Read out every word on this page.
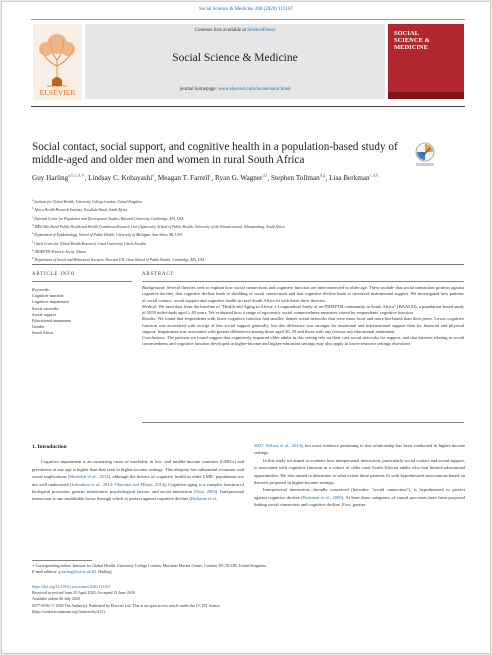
Social Science & Medicine 260 (2020) 113167
ELSEVIER
Contents lists available at ScienceDirect
Social Science & Medicine
journal homepage: www.elsevier.com/locate/socscimed
SOCIAL SCIENCE & MEDICINE
Social contact, social support, and cognitive health in a population-based study of middle-aged and older men and women in rural South Africa
Guy Harling$^{a,b,c,d,∗}$, Lindsay C. Kobayashi$^e$, Meagan T. Farrell$^c$, Ryan G. Wagner$^{d,f}$, Stephen Tollman$^{d,g}$, Lisa Berkman$^{c,d,h}$
$^a$ Institute for Global Health, University College London, United Kingdom
$^b$ Africa Health Research Institute, KwaZulu-Natal, South Africa
$^c$ Harvard Center for Population and Development Studies, Harvard University, Cambridge, MA, USA
$^d$ MRC/Wits Rural Public Health and Health Transitions Research Unit (Agincourt), School of Public Health, University of the Witwatersrand, Johannesburg, South Africa
$^e$ Department of Epidemiology, School of Public Health, University of Michigan, Ann Arbor, MI, USA
$^f$ Umeå Centre for Global Health Research, Umeå University, Umeå, Sweden
$^g$ INDEPTH Network, Accra, Ghana
$^h$ Department of Social and Behavioral Sciences, Harvard T.H. Chan School of Public Health, Cambridge, MA, USA
ARTICLE INFO	ABSTRACT
Keywords:
Cognitive function
Cognitive impairment
Social networks
Social support
Educational attainment
Gender
South Africa

Background: Several theories seek to explain how social connections and cognitive function are interconnected in older age. These include that social interaction protects against cognitive decline, that cognitive decline leads to shedding of social connections and that cognitive decline leads to increased instrumental support. We investigated how patterns of social contact, social support and cognitive health in rural South Africa fit with these three theories.

Method: We used data from the baseline of "Health and Aging in Africa: a Longitudinal Study of an INDEPTH community in South Africa" (HAALSI), a population-based study of 5059 individuals aged ≥ 40 years. We evaluated how a range of egocentric social connectedness measures varied by respondents' cognitive function.

Results: We found that respondents with lower cognitive function had smaller, denser social networks that were more local and more kin-based than their peers. Lower cognitive function was associated with receipt of less social support generally, but this difference was stronger for emotional and informational support than for financial and physical support. Impairment was associated with greater differences among those aged 40–59 and those with any (versus no) educational attainment.

Conclusions: The patterns we found suggest that cognitively impaired older adults in this setting rely on their core social networks for support, and that theories relating to social connectedness and cognitive function developed in higher-income and higher-education settings may also apply in lower-resource settings elsewhere.

1. Introduction

Cognitive impairment is an increasing cause of morbidity in low- and middle-income countries (LMICs) and prevalence at any age is higher than that seen in higher-income settings. This ubiquity has substantial economic and social implications (Shirbehlt et al., 2012), although the drivers of cognitive health in older LMIC populations are not well understood (Lekoubou et al., 2014; Olayinka and Mbuyi, 2014). Cognitive aging is a complex function of biological processes, genetic inheritance, psychological factors, and social interaction (Deal, 2003). Interpersonal interaction is one modifiable factor through which to protect against cognitive decline (Richards et al.,

2007; Wilson et al., 2013), but most evidence pertaining to this relationship has been conducted in higher-income settings.

In this study we aimed to evaluate how interpersonal interaction, particularly social contact and social support, is associated with cognitive function in a cohort of older rural South African adults who had limited educational opportunities. We also aimed to determine to what extent these patterns fit with hypothesized associations based on theories proposed in higher-income settings.

Interpersonal interaction—broadly conceived (hereafter "social connection"), is hypothesized to protect against cognitive decline (Berkman et al., 2000). At least three categories of causal processes have been proposed linking social connection and cognitive decline. First, greater

∗ Corresponding author. Institute for Global Health. University College London, Mortimer Market Centre, London, WC1E 6JB, United Kingdom.

E-mail address: g.harling@ucl.ac.uk (G. Harling).

https://doi.org/10.1016/j.socscimed.2020.113167

Received in revised form 10 April 2020; Accepted 21 June 2020

Available online 06 July 2020

0277-9536/ © 2020 The Author(s). Published by Elsevier Ltd. This is an open access article under the CC BY license

(http://creativecommons.org/licenses/by/4.0/).
